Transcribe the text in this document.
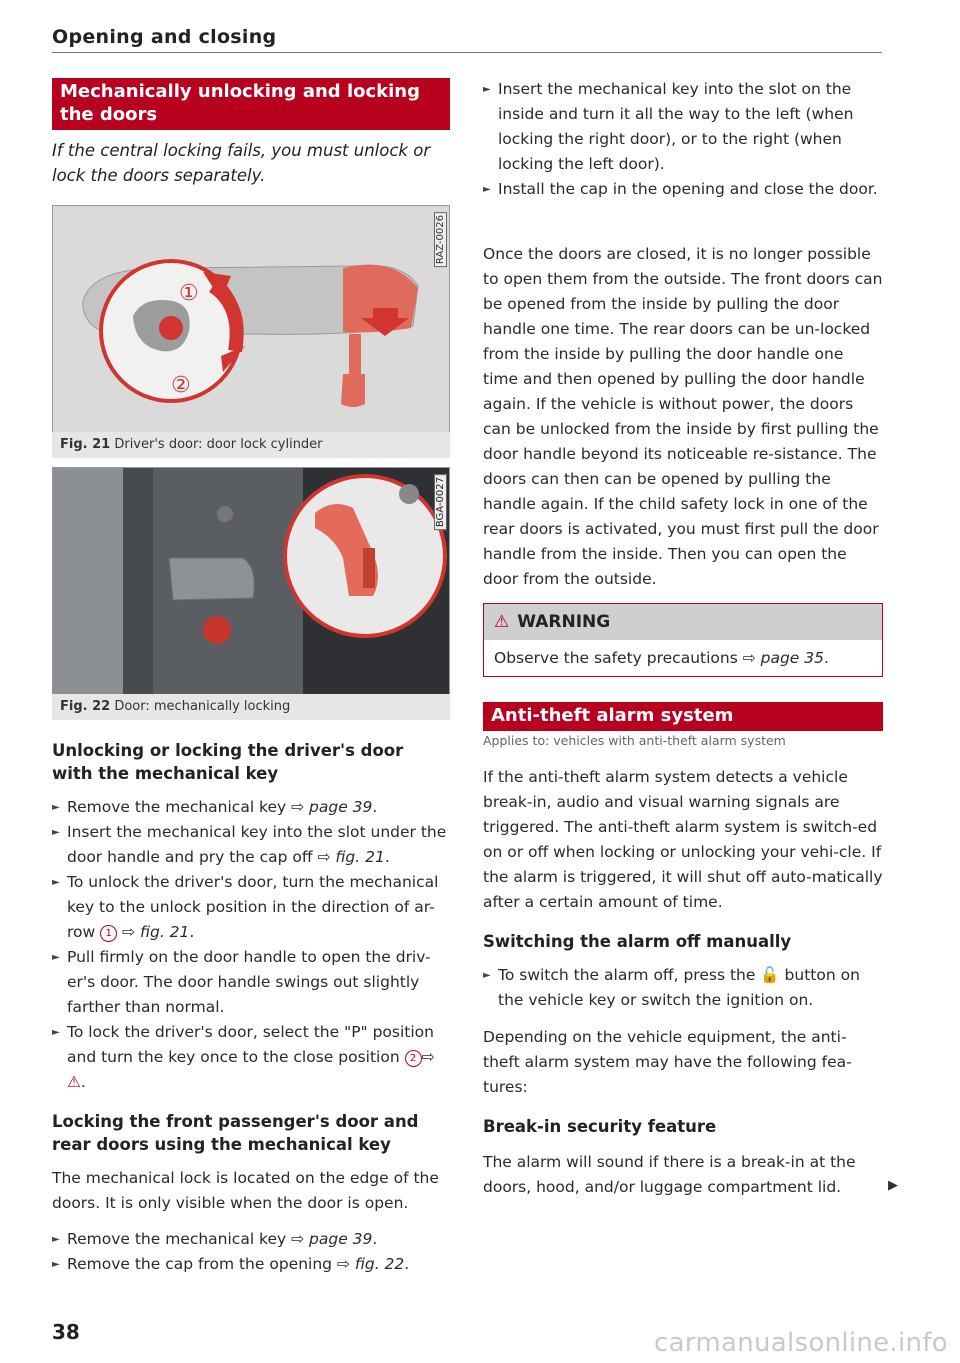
Opening and closing
Mechanically unlocking and locking the doors
If the central locking fails, you must unlock or lock the doors separately.
①
②
RAZ-0026
Fig. 21 Driver's door: door lock cylinder
BGA-0027
Fig. 22 Door: mechanically locking
Unlocking or locking the driver's door with the mechanical key
► Remove the mechanical key ⇨ page 39.
► Insert the mechanical key into the slot under the door handle and pry the cap off ⇨ fig. 21.
► To unlock the driver's door, turn the mechanical key to the unlock position in the direction of ar-row 1 ⇨ fig. 21.
► Pull firmly on the door handle to open the driv-er's door. The door handle swings out slightly farther than normal.
► To lock the driver's door, select the "P" position and turn the key once to the close position 2 ⇨ ⚠.
Locking the front passenger's door and rear doors using the mechanical key

The mechanical lock is located on the edge of the doors. It is only visible when the door is open.

► Remove the mechanical key ⇨ page 39.
► Remove the cap from the opening ⇨ fig. 22.
► Insert the mechanical key into the slot on the inside and turn it all the way to the left (when locking the right door), or to the right (when locking the left door).
► Install the cap in the opening and close the door.

Once the doors are closed, it is no longer possible to open them from the outside. The front doors can be opened from the inside by pulling the door handle one time. The rear doors can be un-locked from the inside by pulling the door handle one time and then opened by pulling the door handle again. If the vehicle is without power, the doors can be unlocked from the inside by first pulling the door handle beyond its noticeable re-sistance. The doors can then can be opened by pulling the handle again. If the child safety lock in one of the rear doors is activated, you must first pull the door handle from the inside. Then you can open the door from the outside.

⚠ WARNING
Observe the safety precautions ⇨ page 35.
Anti-theft alarm system
Applies to: vehicles with anti-theft alarm system

If the anti-theft alarm system detects a vehicle break-in, audio and visual warning signals are triggered. The anti-theft alarm system is switch-ed on or off when locking or unlocking your vehi-cle. If the alarm is triggered, it will shut off auto-matically after a certain amount of time.

Switching the alarm off manually
► To switch the alarm off, press the 🔓 button on the vehicle key or switch the ignition on.

Depending on the vehicle equipment, the anti-theft alarm system may have the following fea-tures:

Break-in security feature

The alarm will sound if there is a break-in at the doors, hood, and/or luggage compartment lid.	▶
38	carmanualsonline.info
